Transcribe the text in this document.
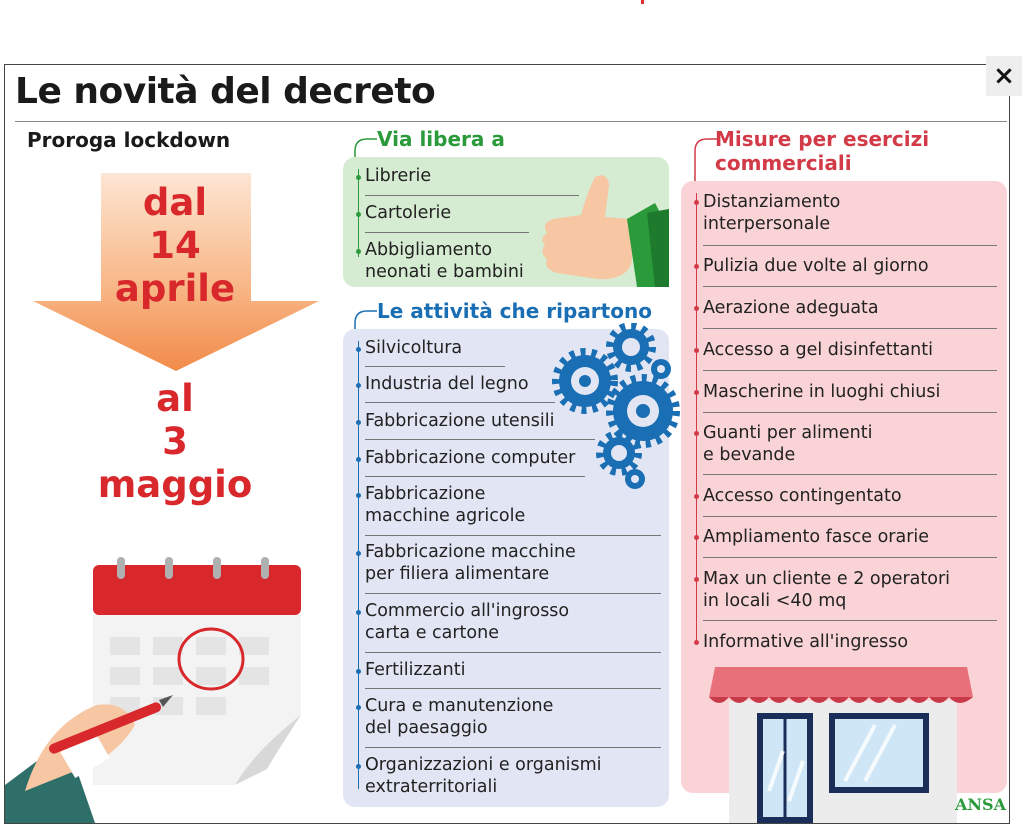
Le novità del decreto
Proroga lockdown
dal
14
aprile
al
3
maggio
Via libera a
Librerie
Cartolerie
Abbigliamento
neonati e bambini
Le attività che ripartono
Silvicoltura
Industria del legno
Fabbricazione utensili
Fabbricazione computer
Fabbricazione
macchine agricole
Fabbricazione macchine
per filiera alimentare
Commercio all'ingrosso
carta e cartone
Fertilizzanti
Cura e manutenzione
del paesaggio
Organizzazioni e organismi
extraterritoriali
Misure per esercizi
commerciali
Distanziamento
interpersonale
Pulizia due volte al giorno
Aerazione adeguata
Accesso a gel disinfettanti
Mascherine in luoghi chiusi
Guanti per alimenti
e bevande
Accesso contingentato
Ampliamento fasce orarie
Max un cliente e 2 operatori
in locali <40 mq
Informative all'ingresso
ANSA
×
